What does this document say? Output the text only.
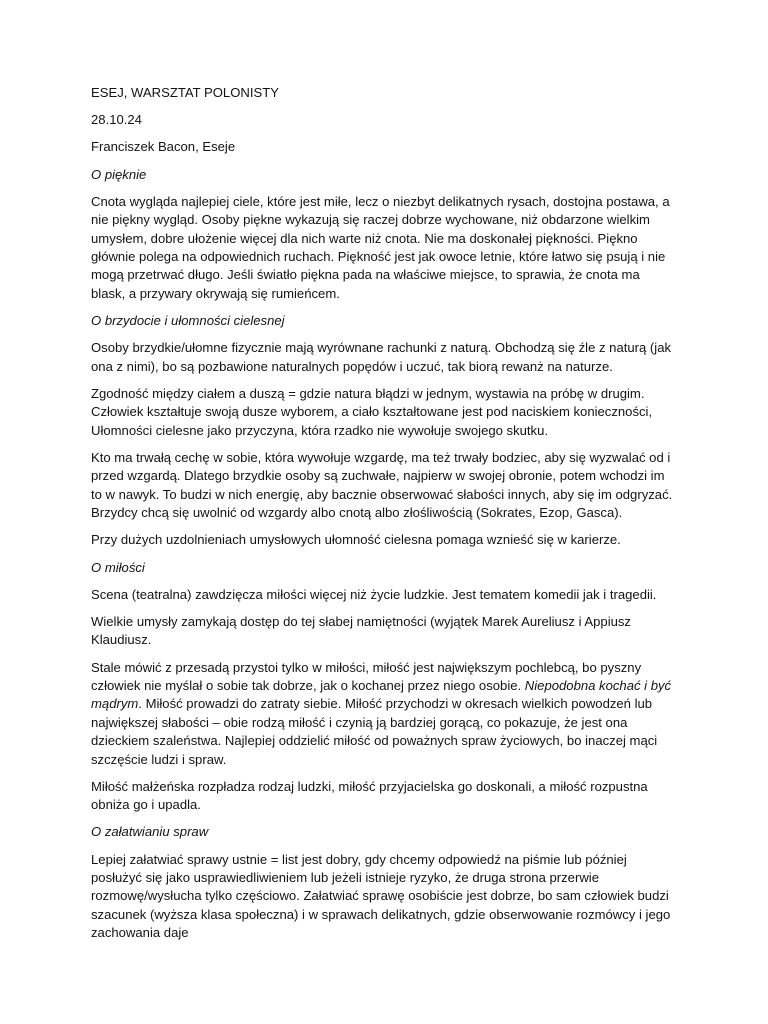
ESEJ, WARSZTAT POLONISTY

28.10.24

Franciszek Bacon, Eseje

O pięknie

Cnota wygląda najlepiej ciele, które jest miłe, lecz o niezbyt delikatnych rysach, dostojna postawa, a nie piękny wygląd. Osoby piękne wykazują się raczej dobrze wychowane, niż obdarzone wielkim umysłem, dobre ułożenie więcej dla nich warte niż cnota. Nie ma doskonałej piękności. Piękno głównie polega na odpowiednich ruchach. Piękność jest jak owoce letnie, które łatwo się psują i nie mogą przetrwać długo. Jeśli światło piękna pada na właściwe miejsce, to sprawia, że cnota ma blask, a przywary okrywają się rumieńcem.

O brzydocie i ułomności cielesnej

Osoby brzydkie/ułomne fizycznie mają wyrównane rachunki z naturą. Obchodzą się źle z naturą (jak ona z nimi), bo są pozbawione naturalnych popędów i uczuć, tak biorą rewanż na naturze.

Zgodność między ciałem a duszą = gdzie natura błądzi w jednym, wystawia na próbę w drugim. Człowiek kształtuje swoją dusze wyborem, a ciało kształtowane jest pod naciskiem konieczności, Ułomności cielesne jako przyczyna, która rzadko nie wywołuje swojego skutku.

Kto ma trwałą cechę w sobie, która wywołuje wzgardę, ma też trwały bodziec, aby się wyzwalać od i przed wzgardą. Dlatego brzydkie osoby są zuchwałe, najpierw w swojej obronie, potem wchodzi im to w nawyk. To budzi w nich energię, aby bacznie obserwować słabości innych, aby się im odgryzać. Brzydcy chcą się uwolnić od wzgardy albo cnotą albo złośliwością (Sokrates, Ezop, Gasca).

Przy dużych uzdolnieniach umysłowych ułomność cielesna pomaga wznieść się w karierze.

O miłości

Scena (teatralna) zawdzięcza miłości więcej niż życie ludzkie. Jest tematem komedii jak i tragedii.

Wielkie umysły zamykają dostęp do tej słabej namiętności (wyjątek Marek Aureliusz i Appiusz Klaudiusz.

Stale mówić z przesadą przystoi tylko w miłości, miłość jest największym pochlebcą, bo pyszny człowiek nie myślał o sobie tak dobrze, jak o kochanej przez niego osobie. Niepodobna kochać i być mądrym. Miłość prowadzi do zatraty siebie. Miłość przychodzi w okresach wielkich powodzeń lub największej słabości – obie rodzą miłość i czynią ją bardziej gorącą, co pokazuje, że jest ona dzieckiem szaleństwa. Najlepiej oddzielić miłość od poważnych spraw życiowych, bo inaczej mąci szczęście ludzi i spraw.

Miłość małżeńska rozpładza rodzaj ludzki, miłość przyjacielska go doskonali, a miłość rozpustna obniża go i upadla.

O załatwianiu spraw

Lepiej załatwiać sprawy ustnie = list jest dobry, gdy chcemy odpowiedź na piśmie lub później posłużyć się jako usprawiedliwieniem lub jeżeli istnieje ryzyko, że druga strona przerwie rozmowę/wysłucha tylko częściowo. Załatwiać sprawę osobiście jest dobrze, bo sam człowiek budzi szacunek (wyższa klasa społeczna) i w sprawach delikatnych, gdzie obserwowanie rozmówcy i jego zachowania daje
